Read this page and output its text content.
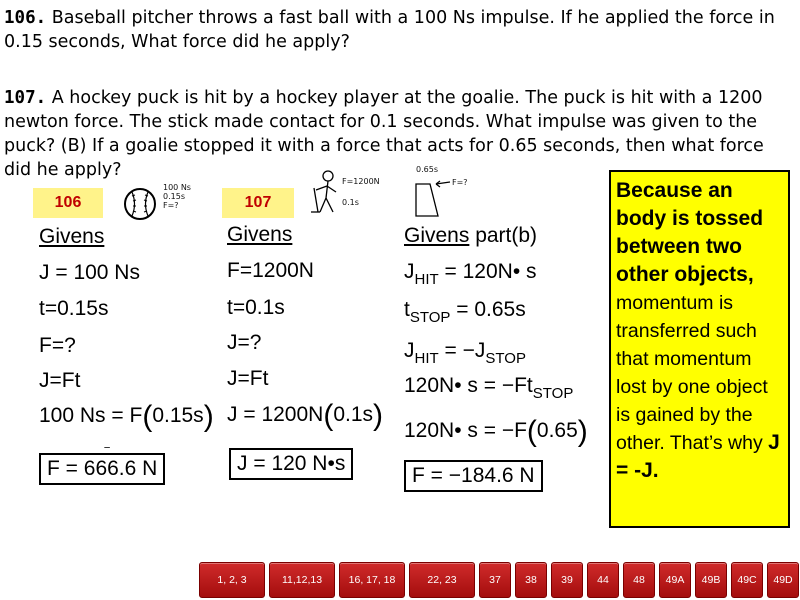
106. Baseball pitcher throws a fast ball with a 100 Ns impulse. If he applied the force in 0.15 seconds, What force did he apply?
107. A hockey puck is hit by a hockey player at the goalie. The puck is hit with a 1200 newton force. The stick made contact for 0.1 seconds. What impulse was given to the puck? (B) If a goalie stopped it with a force that acts for 0.65 seconds, then what force did he apply?
106	107
100 Ns
0.15s
F=?
F=1200N
0.1s
0.65s
F=?
Givens
J = 100 Ns
t=0.15s
F=?
J=Ft
100 Ns = F(0.15s)
F = 666.6 N
‾
Givens
F=1200N
t=0.1s
J=?
J=Ft
J = 1200N(0.1s)
J = 120 N•s
Givens part(b)
$J_{HIT}$ = 120N• s
$t_{STOP} = 0.65s$
$J_{HIT} = -J_{STOP}$
120N• $s = -Ft_{STOP}$
120N• s = −F(0.65)
F = −184.6 N
Because an body is tossed between two other objects, momentum is transferred such that momentum lost by one object is gained by the other. That’s why J = -J.
1, 2, 3	11,12,13	16, 17, 18	22, 23	37	38	39	44	48	49A	49B	49C	49D
